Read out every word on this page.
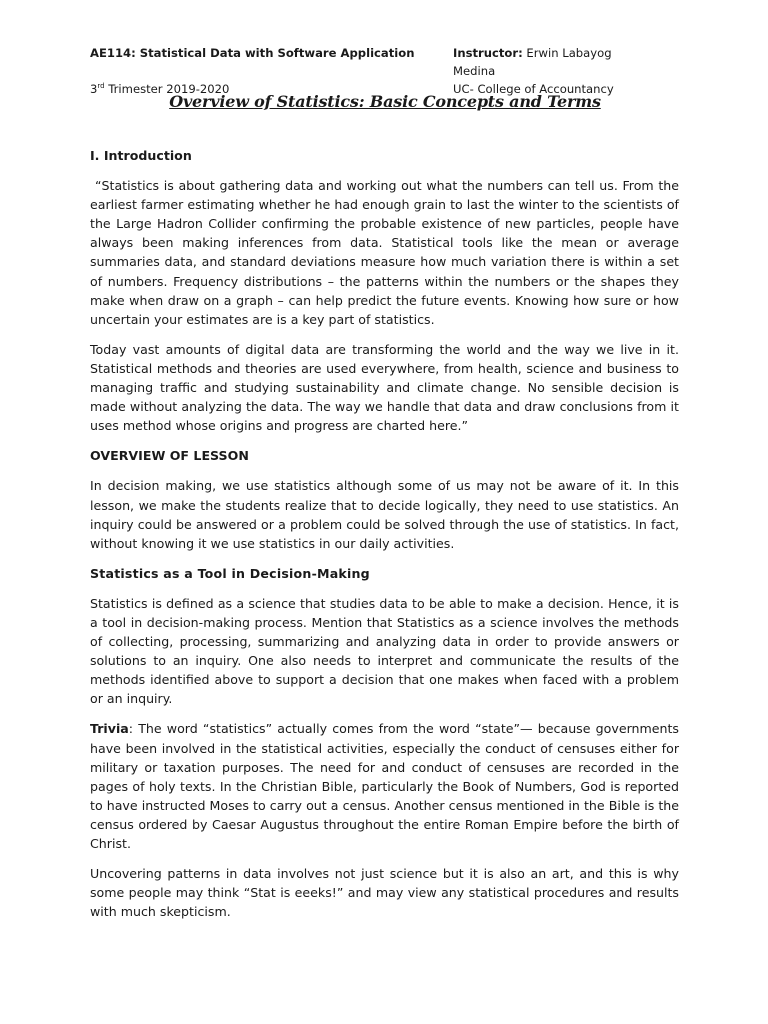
AE114: Statistical Data with Software Application	Instructor: Erwin Labayog Medina
3rd Trimester 2019-2020	UC- College of Accountancy
Overview of Statistics: Basic Concepts and Terms
I. Introduction

“Statistics is about gathering data and working out what the numbers can tell us. From the earliest farmer estimating whether he had enough grain to last the winter to the scientists of the Large Hadron Collider confirming the probable existence of new particles, people have always been making inferences from data. Statistical tools like the mean or average summaries data, and standard deviations measure how much variation there is within a set of numbers. Frequency distributions – the patterns within the numbers or the shapes they make when draw on a graph – can help predict the future events. Knowing how sure or how uncertain your estimates are is a key part of statistics.

Today vast amounts of digital data are transforming the world and the way we live in it. Statistical methods and theories are used everywhere, from health, science and business to managing traffic and studying sustainability and climate change. No sensible decision is made without analyzing the data. The way we handle that data and draw conclusions from it uses method whose origins and progress are charted here.”

OVERVIEW OF LESSON

In decision making, we use statistics although some of us may not be aware of it. In this lesson, we make the students realize that to decide logically, they need to use statistics. An inquiry could be answered or a problem could be solved through the use of statistics. In fact, without knowing it we use statistics in our daily activities.

Statistics as a Tool in Decision-Making

Statistics is defined as a science that studies data to be able to make a decision. Hence, it is a tool in decision-making process. Mention that Statistics as a science involves the methods of collecting, processing, summarizing and analyzing data in order to provide answers or solutions to an inquiry. One also needs to interpret and communicate the results of the methods identified above to support a decision that one makes when faced with a problem or an inquiry.

Trivia: The word “statistics” actually comes from the word “state”— because governments have been involved in the statistical activities, especially the conduct of censuses either for military or taxation purposes. The need for and conduct of censuses are recorded in the pages of holy texts. In the Christian Bible, particularly the Book of Numbers, God is reported to have instructed Moses to carry out a census. Another census mentioned in the Bible is the census ordered by Caesar Augustus throughout the entire Roman Empire before the birth of Christ.

Uncovering patterns in data involves not just science but it is also an art, and this is why some people may think “Stat is eeeks!” and may view any statistical procedures and results with much skepticism.
